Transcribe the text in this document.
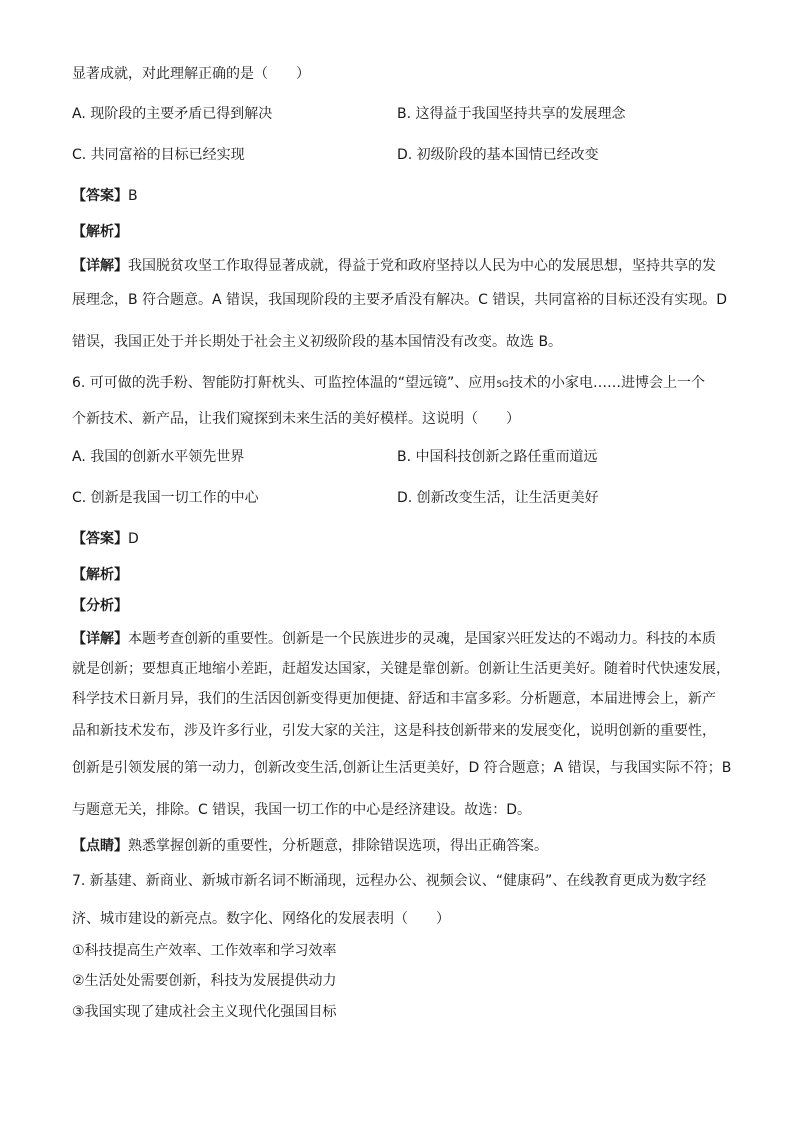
显著成就，对此理解正确的是（　　）
A. 现阶段的主要矛盾已得到解决	B. 这得益于我国坚持共享的发展理念
C. 共同富裕的目标已经实现	D. 初级阶段的基本国情已经改变
【答案】B
【解析】
【详解】我国脱贫攻坚工作取得显著成就，得益于党和政府坚持以人民为中心的发展思想，坚持共享的发
展理念，B 符合题意。A 错误，我国现阶段的主要矛盾没有解决。C 错误，共同富裕的目标还没有实现。D
错误，我国正处于并长期处于社会主义初级阶段的基本国情没有改变。故选 B。
6. 可可做的洗手粉、智能防打鼾枕头、可监控体温的“望远镜”、应用5G技术的小家电……进博会上一个
个新技术、新产品，让我们窥探到未来生活的美好模样。这说明（　　）
A. 我国的创新水平领先世界	B. 中国科技创新之路任重而道远
C. 创新是我国一切工作的中心	D. 创新改变生活，让生活更美好
【答案】D
【解析】
【分析】
【详解】本题考查创新的重要性。创新是一个民族进步的灵魂，是国家兴旺发达的不竭动力。科技的本质
就是创新；要想真正地缩小差距，赶超发达国家，关键是靠创新。创新让生活更美好。随着时代快速发展，
科学技术日新月异，我们的生活因创新变得更加便捷、舒适和丰富多彩。分析题意，本届进博会上，新产
品和新技术发布，涉及许多行业，引发大家的关注，这是科技创新带来的发展变化，说明创新的重要性，
创新是引领发展的第一动力，创新改变生活,创新让生活更美好，D 符合题意；A 错误，与我国实际不符；B
与题意无关，排除。C 错误，我国一切工作的中心是经济建设。故选：D。
【点睛】熟悉掌握创新的重要性，分析题意，排除错误选项，得出正确答案。
7. 新基建、新商业、新城市新名词不断涌现，远程办公、视频会议、“健康码”、在线教育更成为数字经
济、城市建设的新亮点。数字化、网络化的发展表明（　　）
①科技提高生产效率、工作效率和学习效率
②生活处处需要创新，科技为发展提供动力
③我国实现了建成社会主义现代化强国目标
